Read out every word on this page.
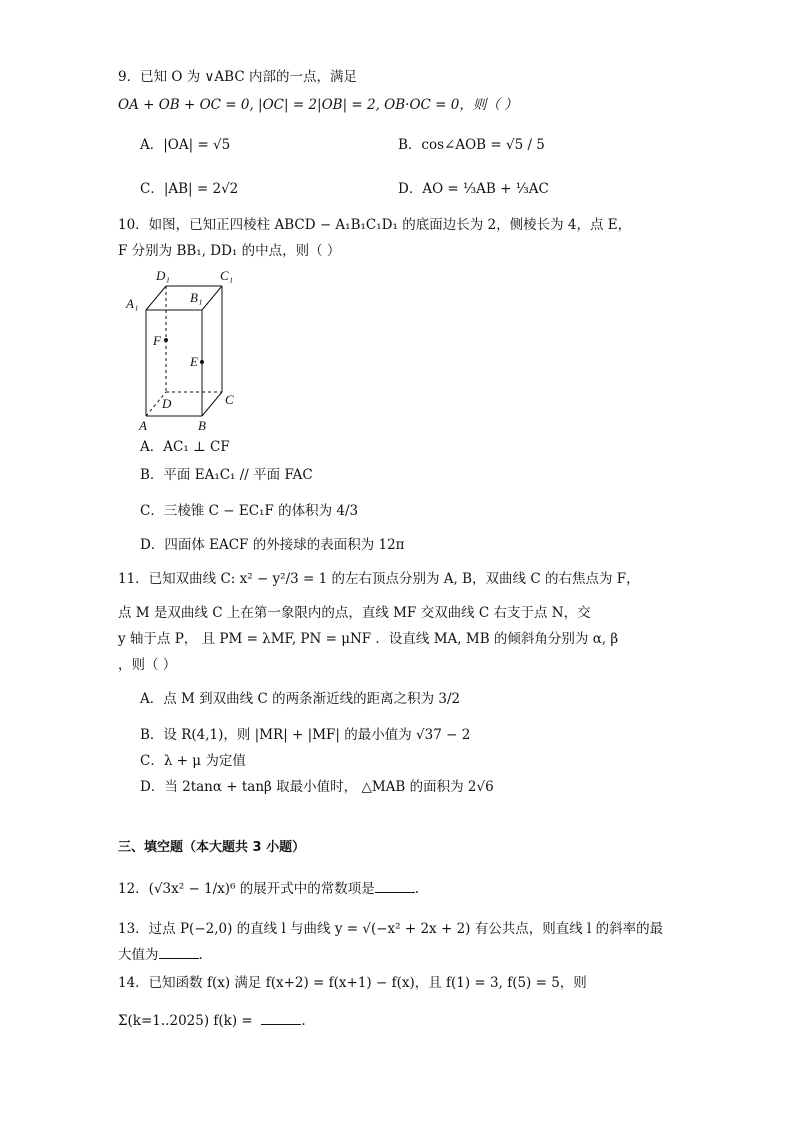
9．已知 O 为 ∨ABC 内部的一点，满足
OA + OB + OC = 0, |OC| = 2|OB| = 2, OB·OC = 0，则（ ）
A．|OA| = √5	B．cos∠AOB = √5 / 5
C．|AB| = 2√2	D．AO = ⅓AB + ⅓AC
10．如图，已知正四棱柱 ABCD − A₁B₁C₁D₁ 的底面边长为 2，侧棱长为 4，点 E，
F 分别为 BB₁, DD₁ 的中点，则（ ）
D₁	C₁
A₁	B₁
F
E
D	C
A	B
A．AC₁ ⊥ CF
B．平面 EA₁C₁ // 平面 FAC
C．三棱锥 C − EC₁F 的体积为 4/3
D．四面体 EACF 的外接球的表面积为 12π
11．已知双曲线 C: x² − y²/3 = 1 的左右顶点分别为 A, B，双曲线 C 的右焦点为 F，
点 M 是双曲线 C 上在第一象限内的点，直线 MF 交双曲线 C 右支于点 N，交
y 轴于点 P， 且 PM = λMF, PN = μNF ．设直线 MA, MB 的倾斜角分别为 α, β
，则（ ）
A．点 M 到双曲线 C 的两条渐近线的距离之积为 3/2
B．设 R(4,1)，则 |MR| + |MF| 的最小值为 √37 − 2
C．λ + μ 为定值
D．当 2tanα + tanβ 取最小值时， △MAB 的面积为 2√6
三、填空题（本大题共 3 小题）
12．(√3x² − 1/x)⁶ 的展开式中的常数项是	.
13．过点 P(−2,0) 的直线 l 与曲线 y = √(−x² + 2x + 2) 有公共点，则直线 l 的斜率的最
大值为	.
14．已知函数 f(x) 满足 f(x+2) = f(x+1) − f(x)，且 f(1) = 3, f(5) = 5，则
Σ(k=1..2025) f(k) =	.
